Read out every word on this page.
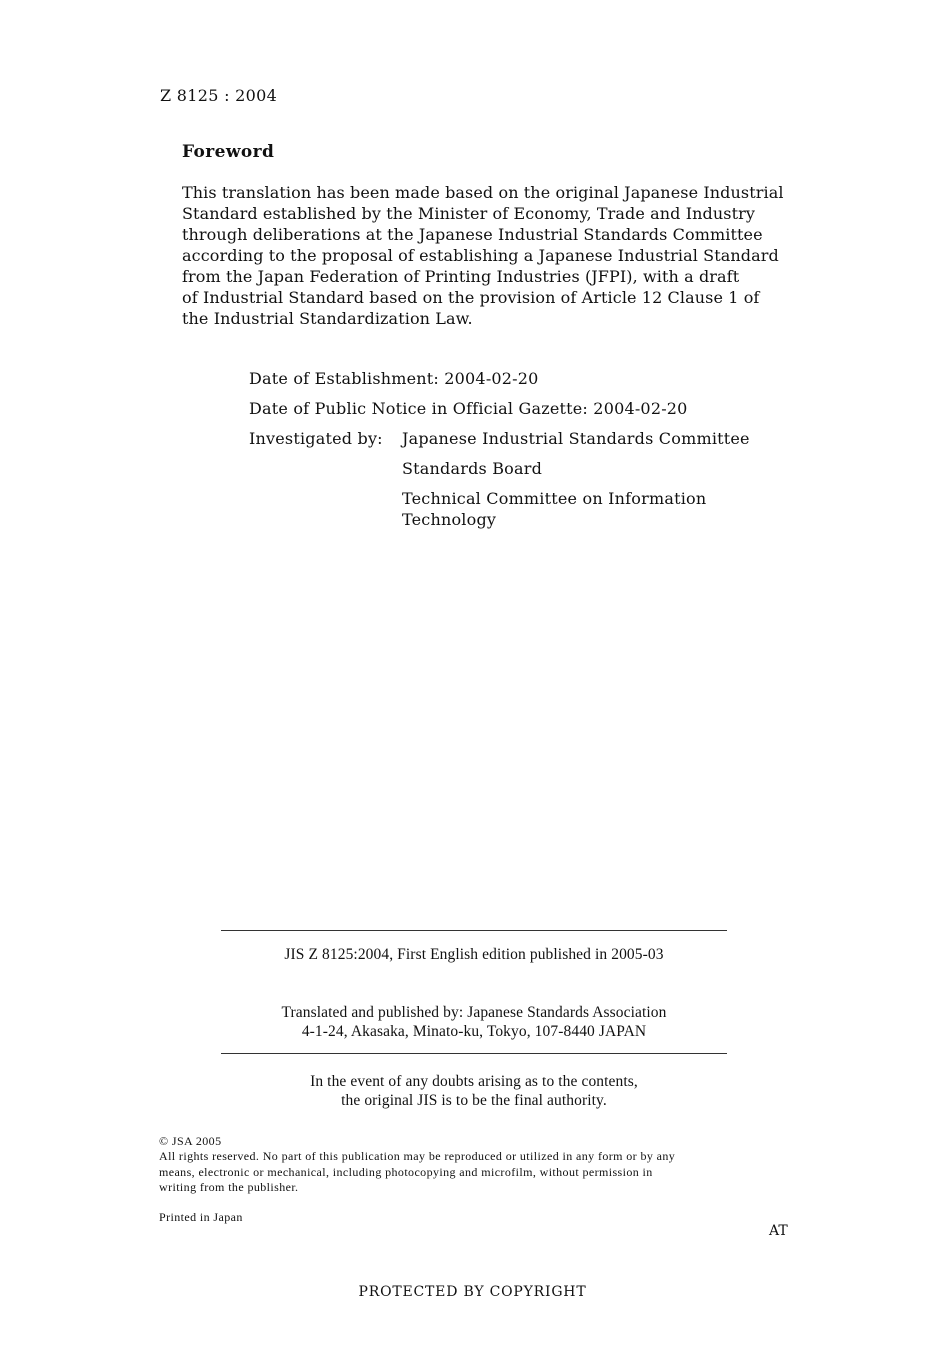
Z 8125 : 2004

Foreword

This translation has been made based on the original Japanese Industrial
Standard established by the Minister of Economy, Trade and Industry
through deliberations at the Japanese Industrial Standards Committee
according to the proposal of establishing a Japanese Industrial Standard
from the Japan Federation of Printing Industries (JFPI), with a draft
of Industrial Standard based on the provision of Article 12 Clause 1 of
the Industrial Standardization Law.
Date of Establishment: 2004-02-20
Date of Public Notice in Official Gazette: 2004-02-20
Investigated by: Japanese Industrial Standards Committee
Standards Board
Technical Committee on Information
Technology
JIS Z 8125:2004, First English edition published in 2005-03
Translated and published by: Japanese Standards Association
4-1-24, Akasaka, Minato-ku, Tokyo, 107-8440 JAPAN
In the event of any doubts arising as to the contents,
the original JIS is to be the final authority.
© JSA 2005
All rights reserved. No part of this publication may be reproduced or utilized in any form or by any
means, electronic or mechanical, including photocopying and microfilm, without permission in
writing from the publisher.
Printed in Japan
AT
PROTECTED BY COPYRIGHT
